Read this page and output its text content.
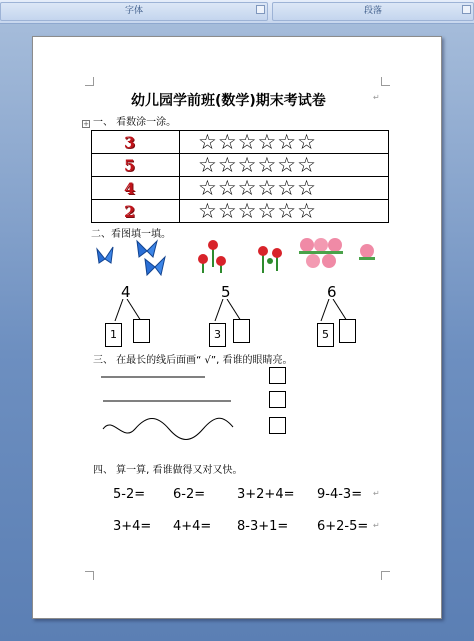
字体	段落
幼儿园学前班(数学)期末考试卷
+ 一、 看数涂一涂。
3	☆☆☆☆☆☆
5	☆☆☆☆☆☆
4	☆☆☆☆☆☆
2	☆☆☆☆☆☆
二、看图填一填。
4	5	6
1	3	5
三、 在最长的线后面画“ √”, 看谁的眼睛亮。
四、 算一算, 看谁做得又对又快。
5-2= 6-2= 3+2+4= 9-4-3=
3+4= 4+4= 8-3+1= 6+2-5=
↵
↵
↵
